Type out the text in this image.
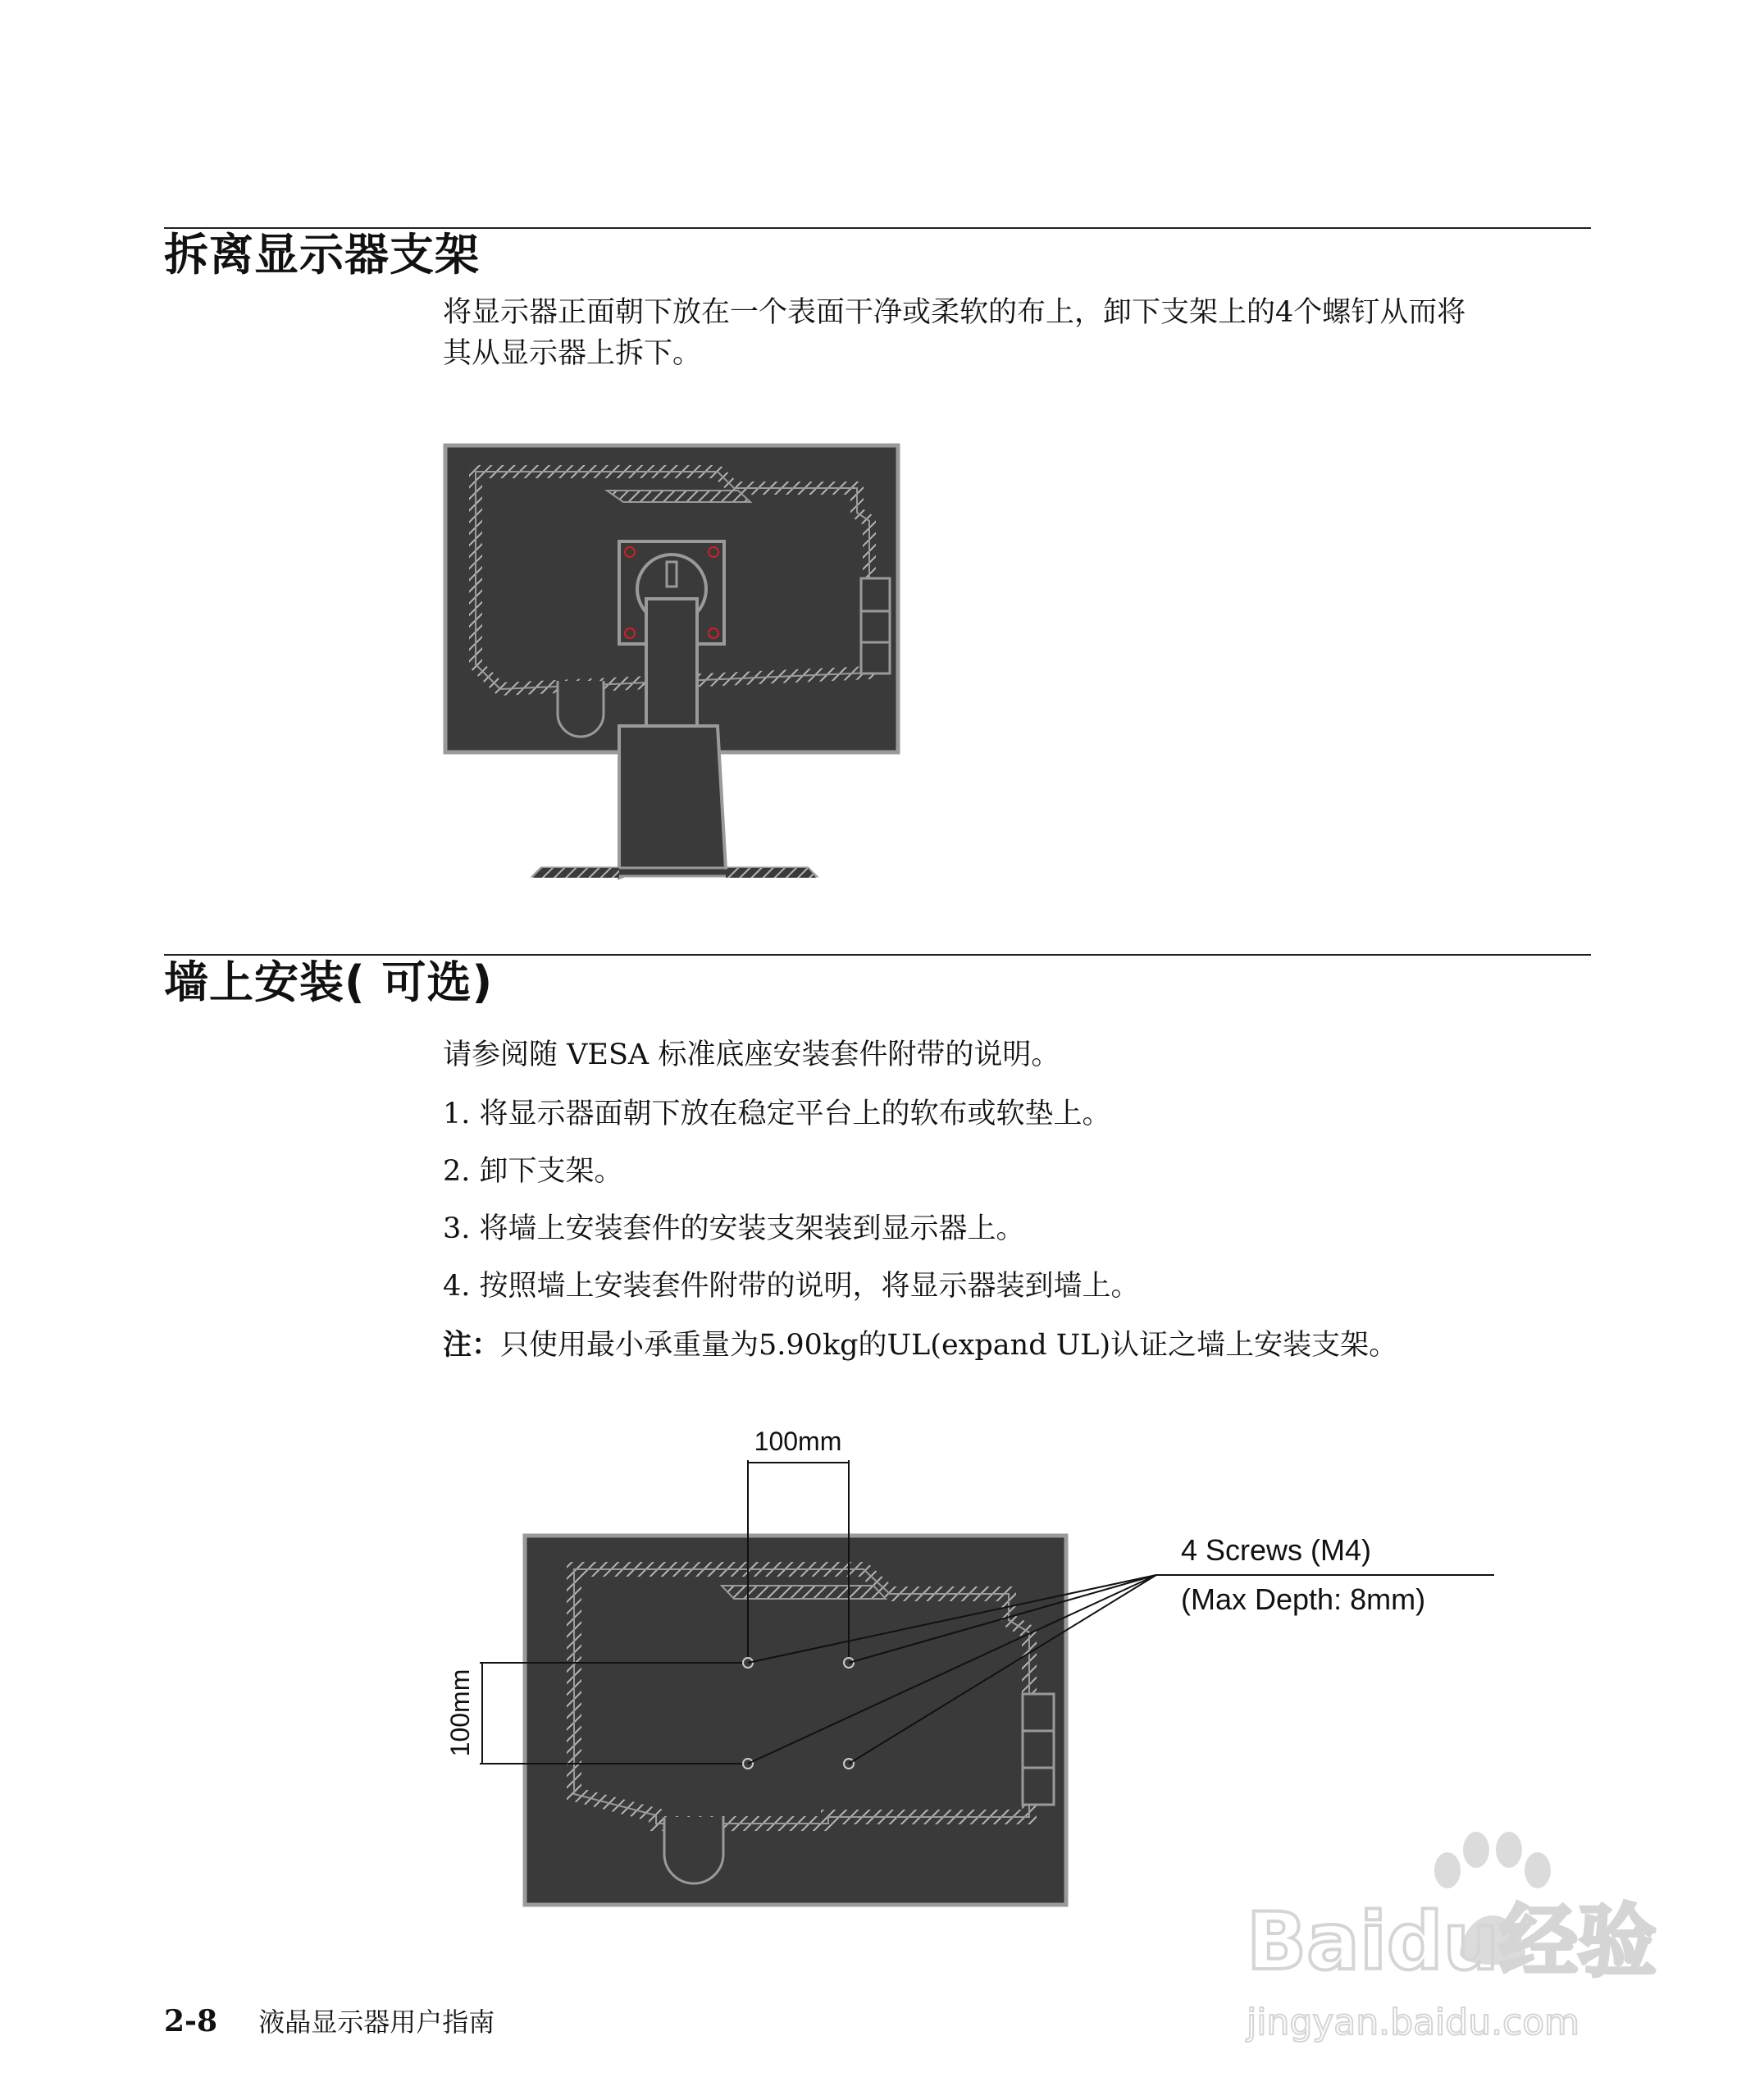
拆离显示器支架
将显示器正面朝下放在一个表面干净或柔软的布上，卸下支架上的4个螺钉从而将
其从显示器上拆下。
墙上安装( 可选)
请参阅随 VESA 标准底座安装套件附带的说明。
1. 将显示器面朝下放在稳定平台上的软布或软垫上。
2. 卸下支架。
3. 将墙上安装套件的安装支架装到显示器上。
4. 按照墙上安装套件附带的说明，将显示器装到墙上。
注：只使用最小承重量为5.90kg的UL(expand UL)认证之墙上安装支架。
100mm
100mm
4 Screws (M4)
(Max Depth: 8mm)
2-8 液晶显示器用户指南
Baidu经验
jingyan.baidu.com
